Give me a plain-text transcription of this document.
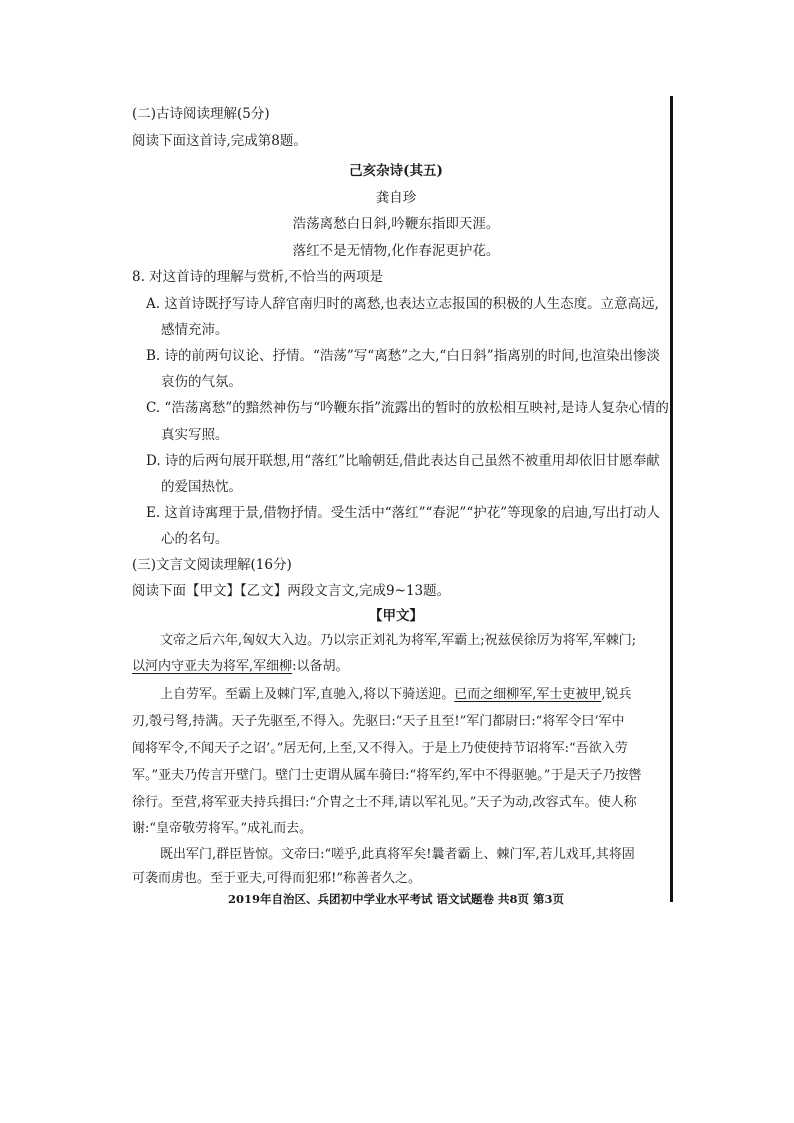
(二)古诗阅读理解(5分)
阅读下面这首诗,完成第8题。
己亥杂诗(其五)
龚自珍
浩荡离愁白日斜,吟鞭东指即天涯。
落红不是无情物,化作春泥更护花。
8. 对这首诗的理解与赏析,不恰当的两项是
A. 这首诗既抒写诗人辞官南归时的离愁,也表达立志报国的积极的人生态度。立意高远,
感情充沛。
B. 诗的前两句议论、抒情。“浩荡”写“离愁”之大,“白日斜”指离别的时间,也渲染出惨淡
哀伤的气氛。
C. “浩荡离愁”的黯然神伤与“吟鞭东指”流露出的暂时的放松相互映衬,是诗人复杂心情的
真实写照。
D. 诗的后两句展开联想,用“落红”比喻朝廷,借此表达自己虽然不被重用却依旧甘愿奉献
的爱国热忱。
E. 这首诗寓理于景,借物抒情。受生活中“落红”“春泥”“护花”等现象的启迪,写出打动人
心的名句。
(三)文言文阅读理解(16分)
阅读下面【甲文】【乙文】两段文言文,完成9~13题。
【甲文】
文帝之后六年,匈奴大入边。乃以宗正刘礼为将军,军霸上;祝兹侯徐厉为将军,军棘门;
以河内守亚夫为将军,军细柳:以备胡。
上自劳军。至霸上及棘门军,直驰入,将以下骑送迎。已而之细柳军,军士吏被甲,锐兵
刃,彀弓弩,持满。天子先驱至,不得入。先驱曰:“天子且至!”军门都尉曰:“将军令曰‘军中
闻将军令,不闻天子之诏’。”居无何,上至,又不得入。于是上乃使使持节诏将军:“吾欲入劳
军。”亚夫乃传言开壁门。壁门士吏谓从属车骑曰:“将军约,军中不得驱驰。”于是天子乃按辔
徐行。至营,将军亚夫持兵揖曰:“介胄之士不拜,请以军礼见。”天子为动,改容式车。使人称
谢:“皇帝敬劳将军。”成礼而去。
既出军门,群臣皆惊。文帝曰:“嗟乎,此真将军矣!曩者霸上、棘门军,若儿戏耳,其将固
可袭而虏也。至于亚夫,可得而犯邪!”称善者久之。
2019年自治区、兵团初中学业水平考试 语文试题卷 共8页 第3页
